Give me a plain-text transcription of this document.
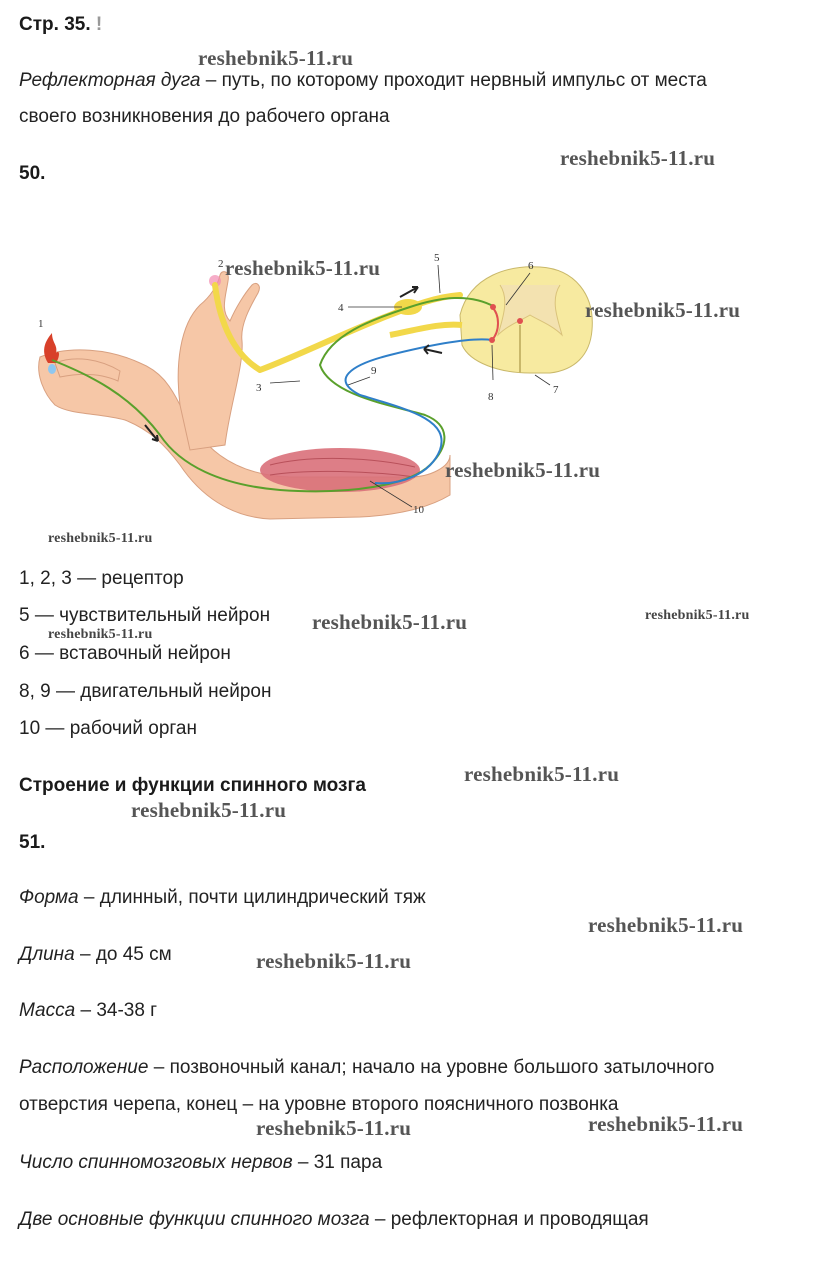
Стр. 35. !
reshebnik5-11.ru
Рефлекторная дуга – путь, по которому проходит нервный импульс от места
своего возникновения до рабочего органа
reshebnik5-11.ru
50.
1
2
3
4
5
6
7
8
9
10
reshebnik5-11.ru
reshebnik5-11.ru
reshebnik5-11.ru
reshebnik5-11.ru
1, 2, 3 — рецептор
5 — чувствительный нейрон
reshebnik5-11.ru
reshebnik5-11.ru	reshebnik5-11.ru
6 — вставочный нейрон
8, 9 — двигательный нейрон
10 — рабочий орган
Строение и функции спинного мозга	reshebnik5-11.ru
reshebnik5-11.ru
51.
Форма – длинный, почти цилиндрический тяж
reshebnik5-11.ru
Длина – до 45 см	reshebnik5-11.ru
Масса – 34-38 г
Расположение – позвоночный канал; начало на уровне большого затылочного
отверстия черепа, конец – на уровне второго поясничного позвонка
reshebnik5-11.ru	reshebnik5-11.ru
Число спинномозговых нервов – 31 пара
Две основные функции спинного мозга – рефлекторная и проводящая
